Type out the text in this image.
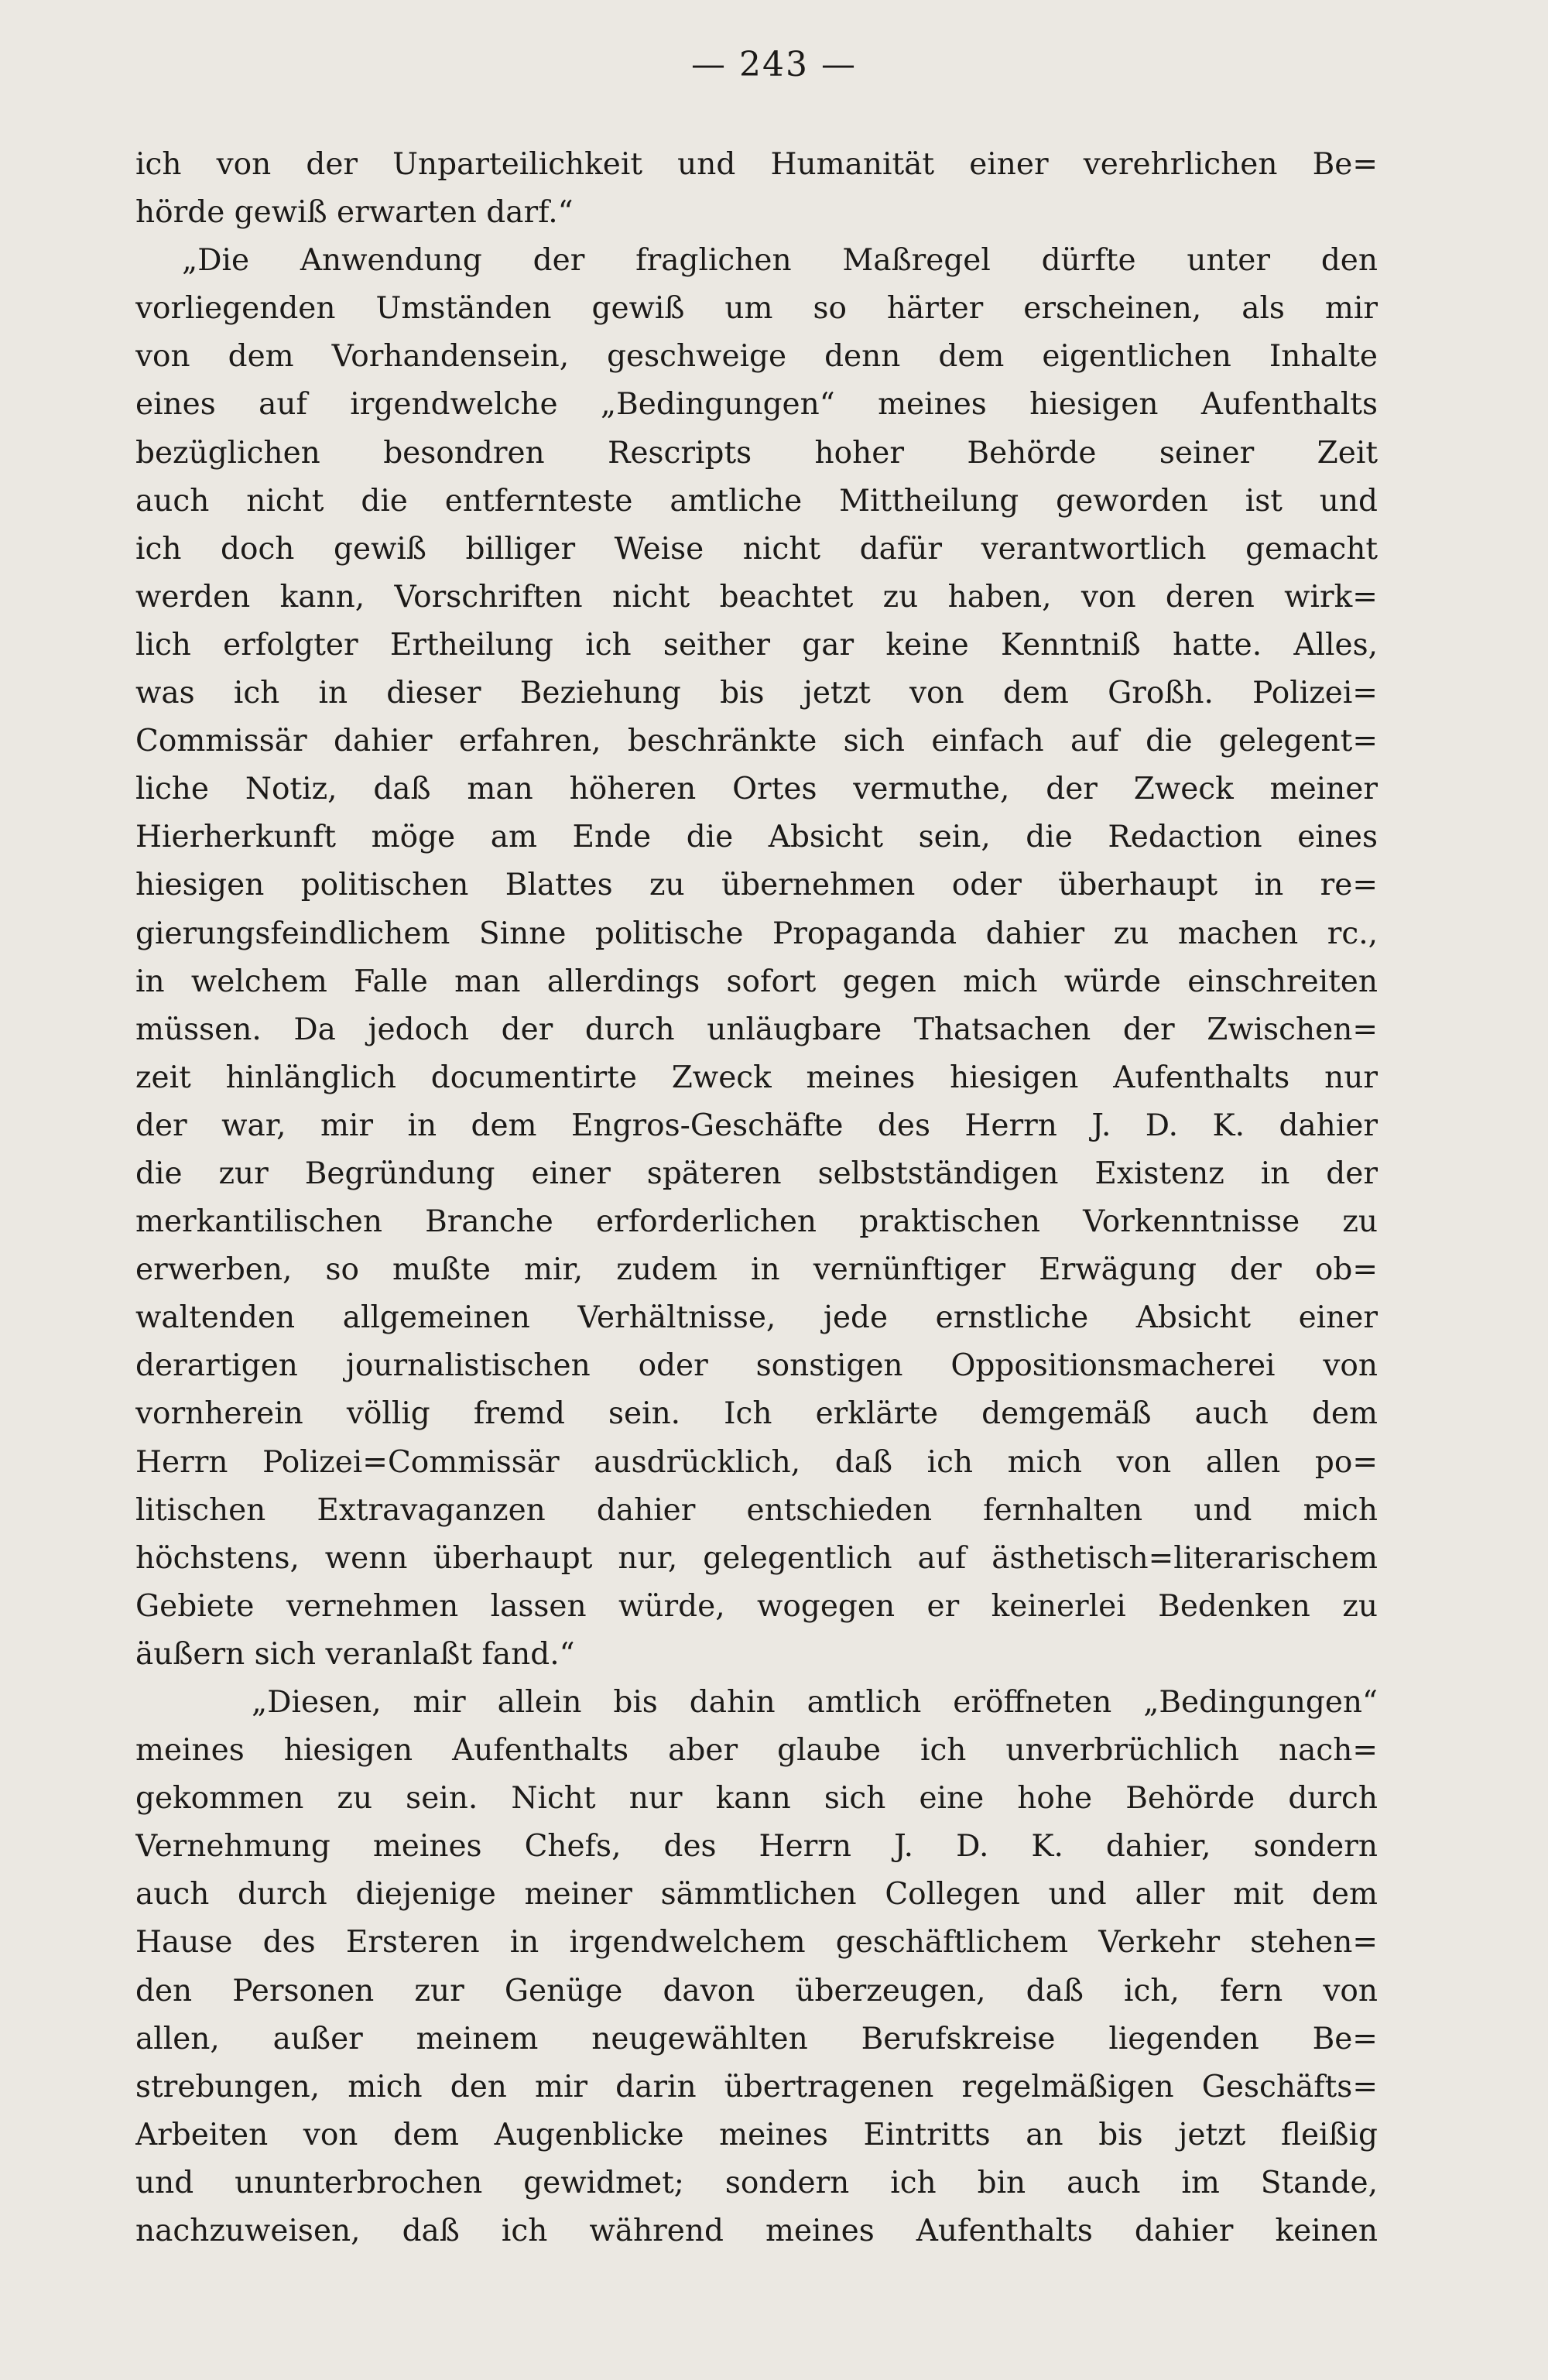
— 243 —
ich von der Unparteilichkeit und Humanität einer verehrlichen Be=
hörde gewiß erwarten darf.“
„Die Anwendung der fraglichen Maßregel dürfte unter den
vorliegenden Umständen gewiß um so härter erscheinen, als mir
von dem Vorhandensein, geschweige denn dem eigentlichen Inhalte
eines auf irgendwelche „Bedingungen“ meines hiesigen Aufenthalts
bezüglichen besondren Rescripts hoher Behörde seiner Zeit
auch nicht die entfernteste amtliche Mittheilung geworden ist und
ich doch gewiß billiger Weise nicht dafür verantwortlich gemacht
werden kann, Vorschriften nicht beachtet zu haben, von deren wirk=
lich erfolgter Ertheilung ich seither gar keine Kenntniß hatte. Alles,
was ich in dieser Beziehung bis jetzt von dem Großh. Polizei=
Commissär dahier erfahren, beschränkte sich einfach auf die gelegent=
liche Notiz, daß man höheren Ortes vermuthe, der Zweck meiner
Hierherkunft möge am Ende die Absicht sein, die Redaction eines
hiesigen politischen Blattes zu übernehmen oder überhaupt in re=
gierungsfeindlichem Sinne politische Propaganda dahier zu machen rc.,
in welchem Falle man allerdings sofort gegen mich würde einschreiten
müssen. Da jedoch der durch unläugbare Thatsachen der Zwischen=
zeit hinlänglich documentirte Zweck meines hiesigen Aufenthalts nur
der war, mir in dem Engros-Geschäfte des Herrn J. D. K. dahier
die zur Begründung einer späteren selbstständigen Existenz in der
merkantilischen Branche erforderlichen praktischen Vorkenntnisse zu
erwerben, so mußte mir, zudem in vernünftiger Erwägung der ob=
waltenden allgemeinen Verhältnisse, jede ernstliche Absicht einer
derartigen journalistischen oder sonstigen Oppositionsmacherei von
vornherein völlig fremd sein. Ich erklärte demgemäß auch dem
Herrn Polizei=Commissär ausdrücklich, daß ich mich von allen po=
litischen Extravaganzen dahier entschieden fernhalten und mich
höchstens, wenn überhaupt nur, gelegentlich auf ästhetisch=literarischem
Gebiete vernehmen lassen würde, wogegen er keinerlei Bedenken zu
äußern sich veranlaßt fand.“
„Diesen, mir allein bis dahin amtlich eröffneten „Bedingungen“
meines hiesigen Aufenthalts aber glaube ich unverbrüchlich nach=
gekommen zu sein. Nicht nur kann sich eine hohe Behörde durch
Vernehmung meines Chefs, des Herrn J. D. K. dahier, sondern
auch durch diejenige meiner sämmtlichen Collegen und aller mit dem
Hause des Ersteren in irgendwelchem geschäftlichem Verkehr stehen=
den Personen zur Genüge davon überzeugen, daß ich, fern von
allen, außer meinem neugewählten Berufskreise liegenden Be=
strebungen, mich den mir darin übertragenen regelmäßigen Geschäfts=
Arbeiten von dem Augenblicke meines Eintritts an bis jetzt fleißig
und ununterbrochen gewidmet; sondern ich bin auch im Stande,
nachzuweisen, daß ich während meines Aufenthalts dahier keinen
